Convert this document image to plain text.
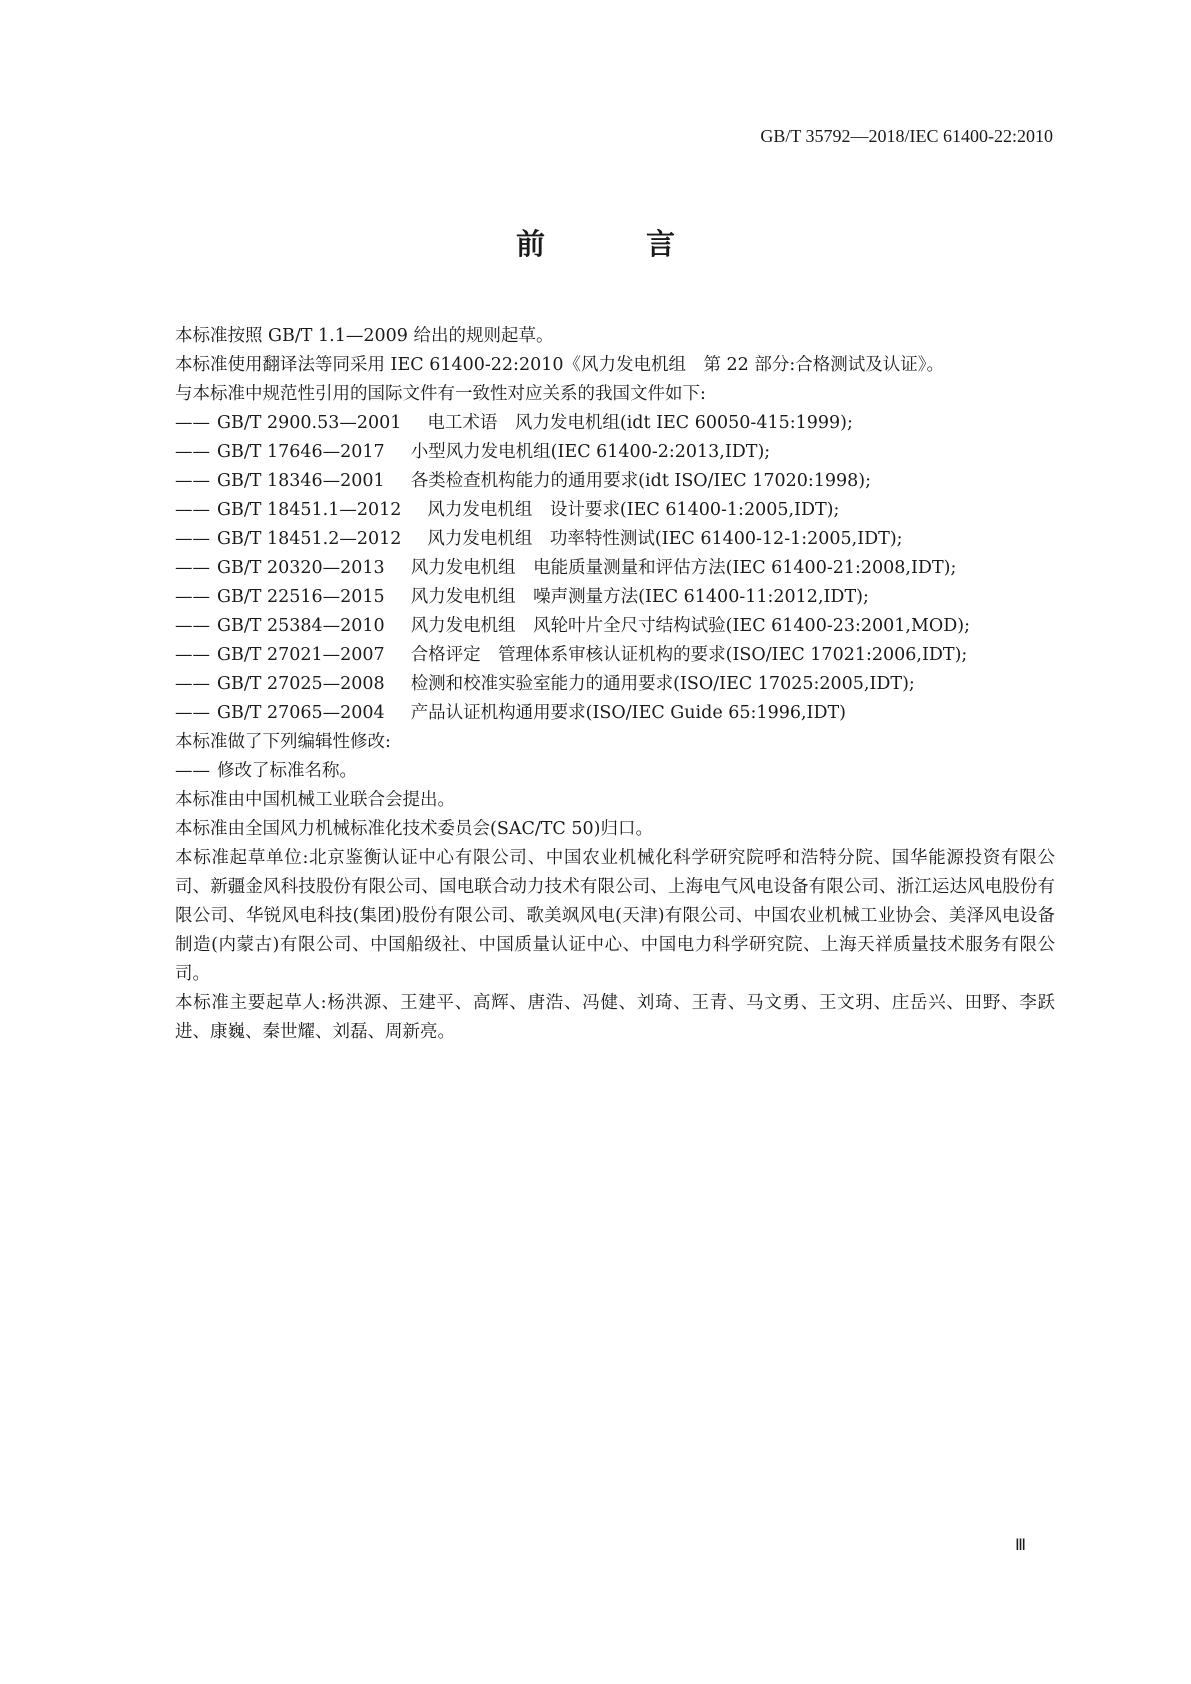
GB/T 35792—2018/IEC 61400-22:2010
前　言

本标准按照 GB/T 1.1—2009 给出的规则起草。

本标准使用翻译法等同采用 IEC 61400-22:2010《风力发电机组　第 22 部分:合格测试及认证》。

与本标准中规范性引用的国际文件有一致性对应关系的我国文件如下:

—— GB/T 2900.53—2001 电工术语　风力发电机组(idt IEC 60050-415:1999);

—— GB/T 17646—2017 小型风力发电机组(IEC 61400-2:2013,IDT);

—— GB/T 18346—2001 各类检查机构能力的通用要求(idt ISO/IEC 17020:1998);

—— GB/T 18451.1—2012 风力发电机组　设计要求(IEC 61400-1:2005,IDT);

—— GB/T 18451.2—2012 风力发电机组　功率特性测试(IEC 61400-12-1:2005,IDT);

—— GB/T 20320—2013 风力发电机组　电能质量测量和评估方法(IEC 61400-21:2008,IDT);

—— GB/T 22516—2015 风力发电机组　噪声测量方法(IEC 61400-11:2012,IDT);

—— GB/T 25384—2010 风力发电机组　风轮叶片全尺寸结构试验(IEC 61400-23:2001,MOD);

—— GB/T 27021—2007 合格评定　管理体系审核认证机构的要求(ISO/IEC 17021:2006,IDT);

—— GB/T 27025—2008 检测和校准实验室能力的通用要求(ISO/IEC 17025:2005,IDT);

—— GB/T 27065—2004 产品认证机构通用要求(ISO/IEC Guide 65:1996,IDT)

本标准做了下列编辑性修改:

—— 修改了标准名称。

本标准由中国机械工业联合会提出。

本标准由全国风力机械标准化技术委员会(SAC/TC 50)归口。

本标准起草单位:北京鉴衡认证中心有限公司、中国农业机械化科学研究院呼和浩特分院、国华能源投资有限公司、新疆金风科技股份有限公司、国电联合动力技术有限公司、上海电气风电设备有限公司、浙江运达风电股份有限公司、华锐风电科技(集团)股份有限公司、歌美飒风电(天津)有限公司、中国农业机械工业协会、美泽风电设备制造(内蒙古)有限公司、中国船级社、中国质量认证中心、中国电力科学研究院、上海天祥质量技术服务有限公司。

本标准主要起草人:杨洪源、王建平、高辉、唐浩、冯健、刘琦、王青、马文勇、王文玥、庄岳兴、田野、李跃进、康巍、秦世耀、刘磊、周新亮。

Ⅲ
